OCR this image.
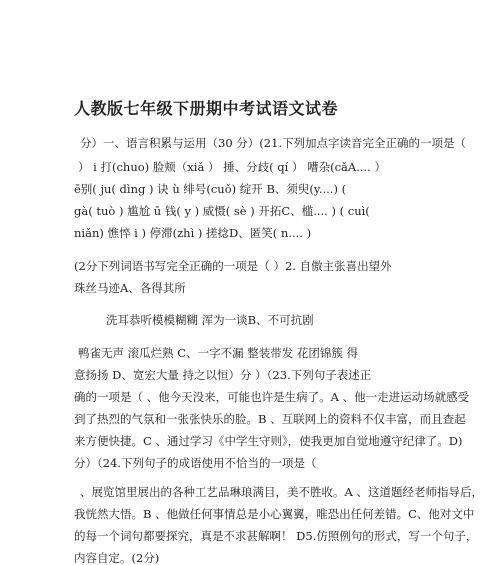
人教版七年级下册期中考试语文试卷
分）一、语言积累与运用（30 分）(21.下列加点字读音完全正确的一项是（
） i 打(chuo) 脸颊（xiǎ ） 捶、分歧( qí ） 嘈杂(cǎA.... ）
ē别( ju( dìng ) 诀 ù 绯号(cuǒ) 绽开 B、须臾(y....) (
gà( tuò ) 尴尬 ū 钱( y ) 威慑( sè ) 开拓C、槛.... ) ( cuì(
niǎn) 憔悴 i ) 停滞(zhì ) 搓捻D、匿笑( n.... )
(2分下列词语书写完全正确的一项是（ ）2. 自傲主张喜出望外
珠丝马迹A、各得其所
洗耳恭听模模糊糊 浑为一谈B、不可抗剧
鸭雀无声 滚瓜烂熟 C、一字不漏 整装带发 花团锦簇 得
意扬扬 D、宽宏大量 持之以恒）分 ）（23.下列句子表述正
确的一项是（ 、他今天没来，可能也许是生病了。A 、他一走进运动场就感受
到了热烈的气氛和一张张快乐的脸。B 、互联网上的资料不仅丰富，而且查起
来方便快捷。C 、通过学习《中学生守则》，使我更加自觉地遵守纪律了。D)
分）（24.下列句子的成语使用不恰当的一项是（
、展览馆里展出的各种工艺品琳琅满目，美不胜收。A 、这道题经老师指导后，
我恍然大悟。B 、他做任何事情总是小心翼翼，唯恐出任何差错。C、他对文中
的每一个词句都要探究，真是不求甚解啊！ D5.仿照例句的形式，写一个句子，
内容自定。(2分)
